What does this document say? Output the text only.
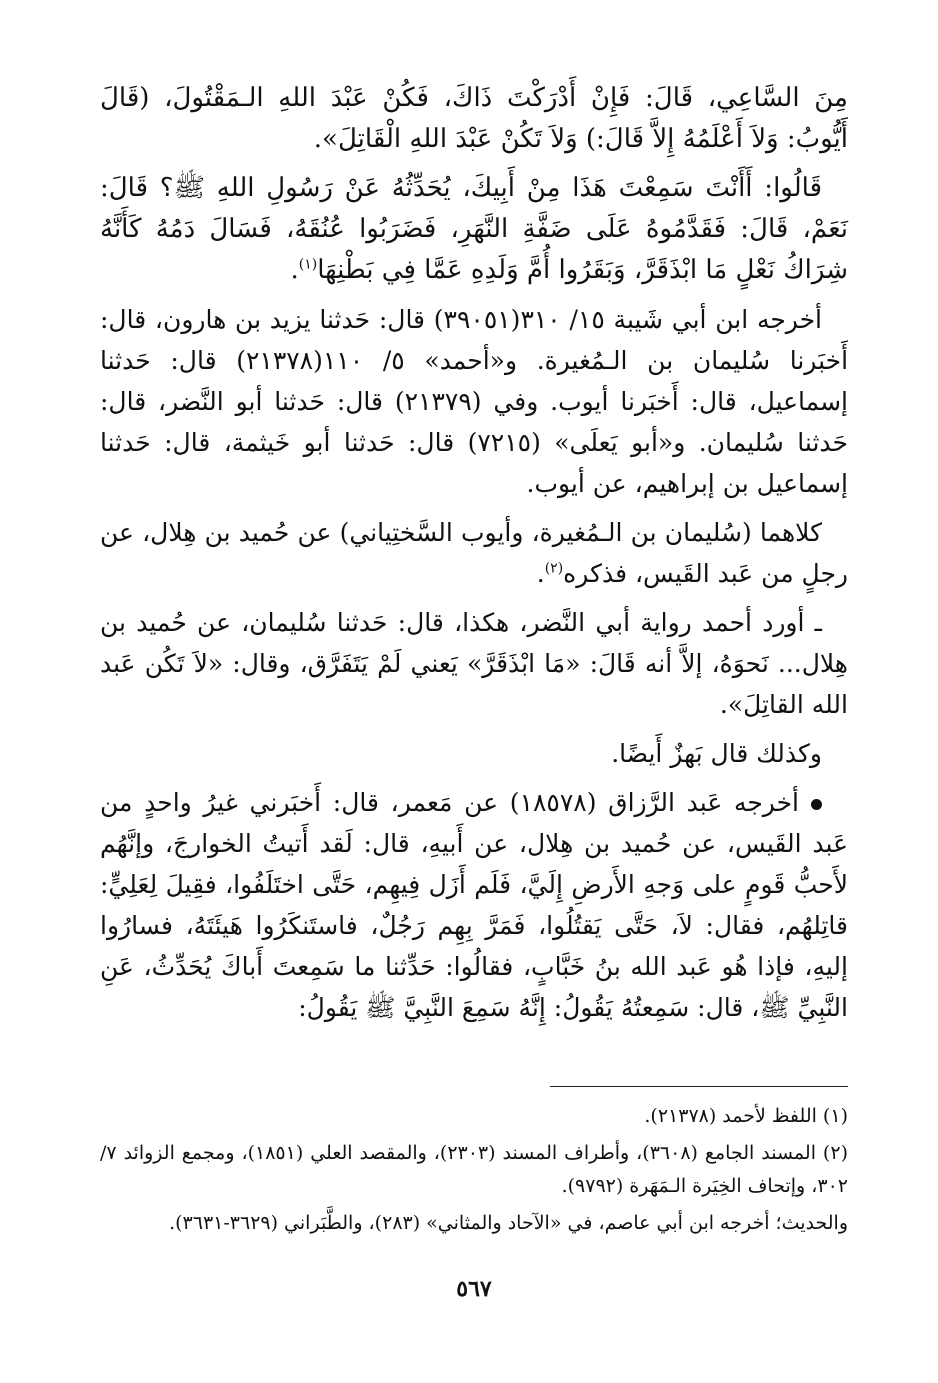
مِنَ السَّاعِي، قَالَ: فَإِنْ أَدْرَكْتَ ذَاكَ، فَكُنْ عَبْدَ اللهِ الـمَقْتُولَ، (قَالَ أَيُّوبُ: وَلاَ أَعْلَمُهُ إِلاَّ قَالَ:) وَلاَ تَكُنْ عَبْدَ اللهِ الْقَاتِلَ».

قَالُوا: أَأَنْتَ سَمِعْتَ هَذَا مِنْ أَبِيكَ، يُحَدِّثُهُ عَنْ رَسُولِ اللهِ ﷺ؟ قَالَ: نَعَمْ، قَالَ: فَقَدَّمُوهُ عَلَى ضَفَّةِ النَّهَرِ، فَضَرَبُوا عُنُقَهُ، فَسَالَ دَمُهُ كَأَنَّهُ شِرَاكُ نَعْلٍ مَا ابْذَقَرَّ، وَبَقَرُوا أُمَّ وَلَدِهِ عَمَّا فِي بَطْنِهَا$^{(١)}$.

أخرجه ابن أبي شَيبة ١٥/ ٣١٠(٣٩٠٥١) قال: حَدثنا يزيد بن هارون، قال: أَخبَرنا سُليمان بن الـمُغيرة. و«أحمد» ٥/ ١١٠(٢١٣٧٨) قال: حَدثنا إسماعيل، قال: أَخبَرنا أيوب. وفي (٢١٣٧٩) قال: حَدثنا أبو النَّضر، قال: حَدثنا سُليمان. و«أبو يَعلَى» (٧٢١٥) قال: حَدثنا أبو خَيثمة، قال: حَدثنا إسماعيل بن إبراهيم، عن أيوب.

كلاهما (سُليمان بن الـمُغيرة، وأيوب السَّختِياني) عن حُميد بن هِلال، عن رجلٍ من عَبد القَيس، فذكره$^{(٢)}$.

ـ أورد أحمد رواية أبي النَّضر، هكذا، قال: حَدثنا سُليمان، عن حُميد بن هِلال... نَحوَهُ، إلاَّ أنه قَالَ: «مَا ابْذَقَرَّ» يَعني لَمْ يَتَفَرَّق، وقال: «لاَ تَكُن عَبد الله القاتِلَ».

وكذلك قال بَهزٌ أَيضًا.

أخرجه عَبد الرَّزاق (١٨٥٧٨) عن مَعمر، قال: أَخبَرني غيرُ واحدٍ من عَبد القَيس، عن حُميد بن هِلال، عن أَبيهِ، قال: لَقد أَتيتُ الخوارجَ، وإنَّهُم لأَحبُّ قَومٍ على وَجهِ الأَرضِ إِلَيَّ، فَلَم أَزَل فِيهِم، حَتَّى اختَلَفُوا، فقِيلَ لِعَلِيٍّ: قاتِلهُم، فقال: لاَ، حَتَّى يَقتُلُوا، فَمَرَّ بِهِم رَجُلٌ، فاستَنكَرُوا هَيئَتَهُ، فسارُوا إليهِ، فإذا هُو عَبد الله بنُ خَبَّابٍ، فقالُوا: حَدِّثنا ما سَمِعتَ أَباكَ يُحَدِّثُ، عَنِ النَّبِيِّ ﷺ، قال: سَمِعتُهُ يَقُولُ: إِنَّهُ سَمِعَ النَّبِيَّ ﷺ يَقُولُ:

(١) اللفظ لأحمد (٢١٣٧٨).

(٢) المسند الجامع (٣٦٠٨)، وأطراف المسند (٢٣٠٣)، والمقصد العلي (١٨٥١)، ومجمع الزوائد ٧/ ٣٠٢، وإتحاف الخِيَرة الـمَهَرة (٩٧٩٢).

والحديث؛ أخرجه ابن أبي عاصم، في «الآحاد والمثاني» (٢٨٣)، والطَّبَراني (٣٦٢٩-٣٦٣١).

٥٦٧
